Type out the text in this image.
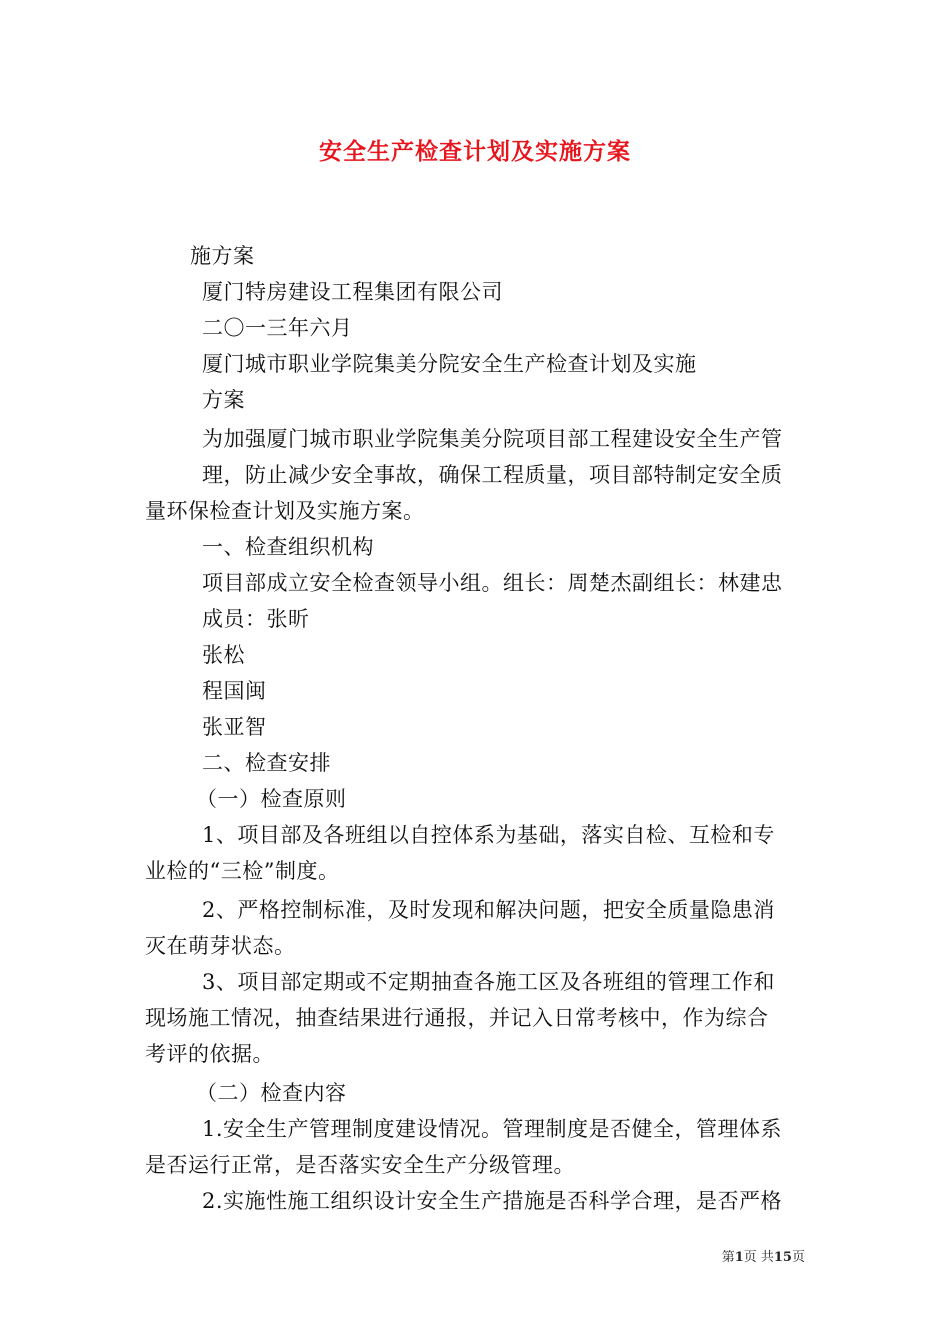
安全生产检查计划及实施方案
施方案
厦门特房建设工程集团有限公司
二〇一三年六月
厦门城市职业学院集美分院安全生产检查计划及实施
方案
为加强厦门城市职业学院集美分院项目部工程建设安全生产管
理，防止减少安全事故，确保工程质量，项目部特制定安全质
量环保检查计划及实施方案。
一、检查组织机构
项目部成立安全检查领导小组。组长：周楚杰副组长：林建忠
成员：张昕
张松
程国闽
张亚智
二、检查安排
（一）检查原则
1、项目部及各班组以自控体系为基础，落实自检、互检和专
业检的“三检”制度。
2、严格控制标准，及时发现和解决问题，把安全质量隐患消
灭在萌芽状态。
3、项目部定期或不定期抽查各施工区及各班组的管理工作和
现场施工情况，抽查结果进行通报，并记入日常考核中，作为综合
考评的依据。
（二）检查内容
1.安全生产管理制度建设情况。管理制度是否健全，管理体系
是否运行正常，是否落实安全生产分级管理。
2.实施性施工组织设计安全生产措施是否科学合理，是否严格
第1页 共15页
